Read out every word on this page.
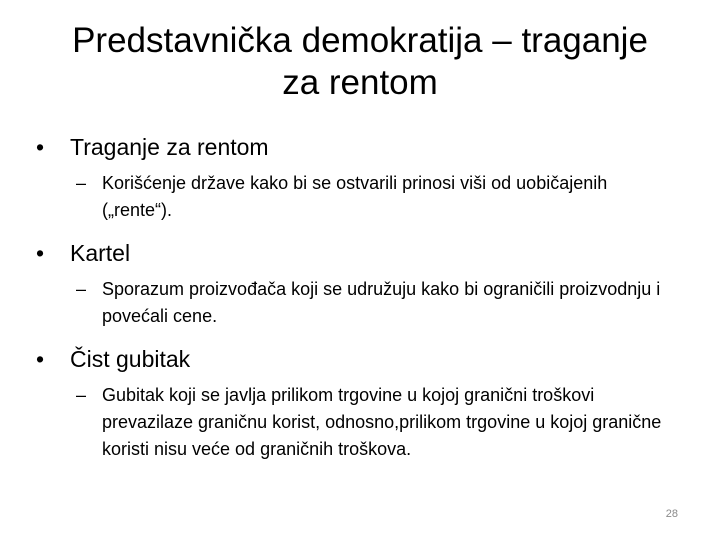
Predstavnička demokratija – traganje
za rentom
•	Traganje za rentom
– Korišćenje države kako bi se ostvarili prinosi viši od uobičajenih („rente“).
•	Kartel
– Sporazum proizvođača koji se udružuju kako bi ograničili proizvodnju i povećali cene.
•	Čist gubitak
– Gubitak koji se javlja prilikom trgovine u kojoj granični troškovi prevazilaze graničnu korist, odnosno,prilikom trgovine u kojoj granične koristi nisu veće od graničnih troškova.
28
